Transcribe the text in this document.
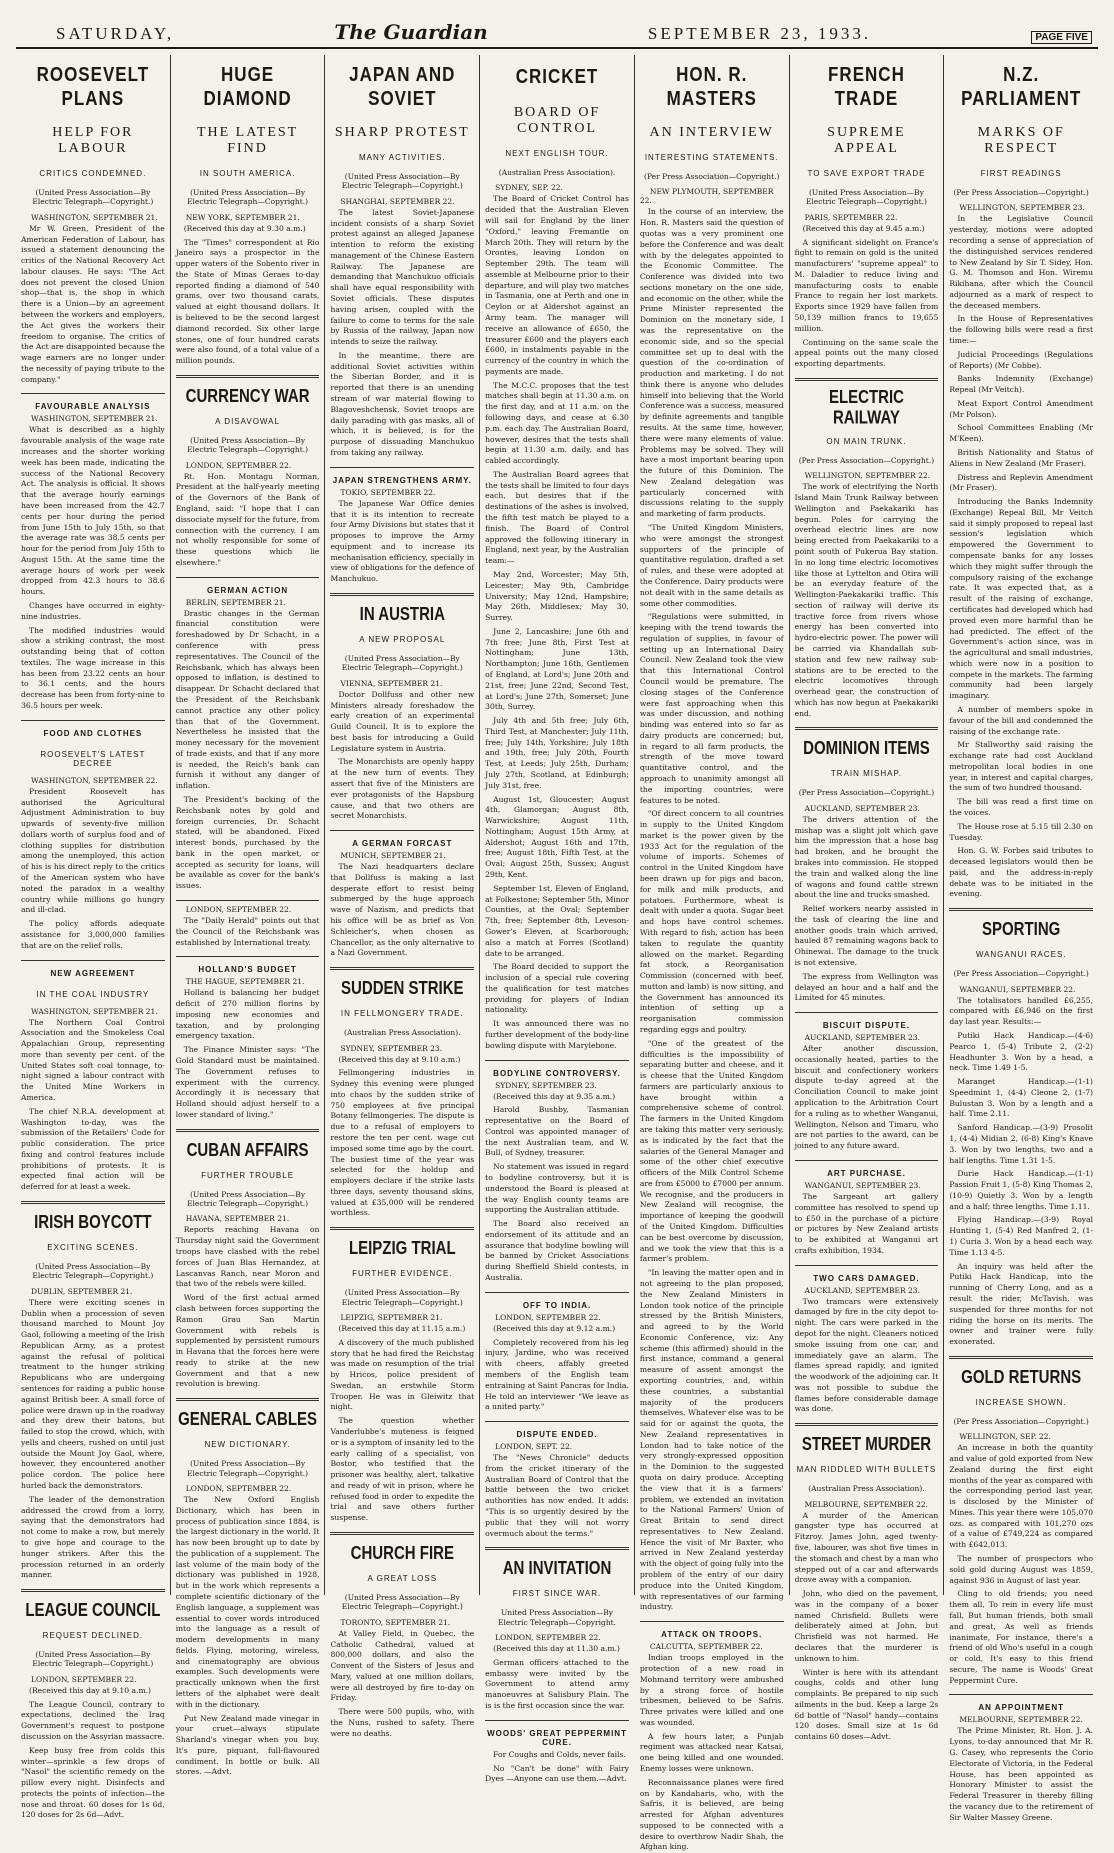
SATURDAY,	The Guardian	SEPTEMBER 23, 1933.	PAGE FIVE
ROOSEVELT PLANS
HELP FOR LABOUR
CRITICS CONDEMNED.
(United Press Association—By Electric Telegraph—Copyright.)
WASHINGTON, SEPTEMBER 21.

Mr W. Green, President of the American Federation of Labour, has issued a statement denouncing the critics of the National Recovery Act labour clauses. He says: "The Act does not prevent the closed Union shop—that is, the shop in which there is a Union—by an agreement between the workers and employers, the Act gives the workers their freedom to organise. The critics of the Act are disappointed because the wage earners are no longer under the necessity of paying tribute to the company."

FAVOURABLE ANALYSIS
WASHINGTON, SEPTEMBER 21.

What is described as a highly favourable analysis of the wage rate increases and the shorter working week has been made, indicating the success of the National Recovery Act. The analysis is official. It shows that the average hourly earnings have been increased from the 42.7 cents per hour during the period from June 15th to July 15th, so that the average rate was 38.5 cents per hour for the period from July 15th to August 15th. At the same time the average hours of work per week dropped from 42.3 hours to 38.6 hours.

Changes have occurred in eighty-nine industries.

The modified industries would show a striking contrast, the most outstanding being that of cotton textiles. The wage increase in this has been from 23.22 cents an hour to 36.1 cents, and the hours decrease has been from forty-nine to 36.5 hours per week.

FOOD AND CLOTHES
ROOSEVELT'S LATEST DECREE
WASHINGTON, SEPTEMBER 22.

President Roosevelt has authorised the Agricultural Adjustment Administration to buy upwards of seventy-five million dollars worth of surplus food and of clothing supplies for distribution among the unemployed, this action of his is his direct reply to the critics of the American system who have noted the paradox in a wealthy country while millions go hungry and ill-clad.

The policy affords adequate assistance for 3,000,000 families that are on the relief rolls.

NEW AGREEMENT
IN THE COAL INDUSTRY
WASHINGTON, SEPTEMBER 21.

The Northern Coal Control Association and the Smokeless Coal Appalachian Group, representing more than seventy per cent. of the United States soft coal tonnage, to-night signed a labour contract with the United Mine Workers in America.

The chief N.R.A. development at Washington to-day, was the submission of the Retailers' Code for public consideration. The price fixing and control features include prohibitions of protests. It is expected final action will be deferred for at least a week.

IRISH BOYCOTT
EXCITING SCENES.
(United Press Association—By Electric Telegraph—Copyright.)
DUBLIN, SEPTEMBER 21.

There were exciting scenes in Dublin when a procession of seven thousand marched to Mount Joy Gaol, following a meeting of the Irish Republican Army, as a protest against the refusal of political treatment to the hunger striking Republicans who are undergoing sentences for raiding a public house against British beer. A small force of police were drawn up in the roadway and they drew their batons, but failed to stop the crowd, which, with yells and cheers, rushed on until just outside the Mount Joy Gaol, where, however, they encountered another police cordon. The police here hurled back the demonstrators.

The leader of the demonstration addressed the crowd from a lorry, saying that the demonstrators had not come to make a row, but merely to give hope and courage to the hunger strikers. After this the procession returned in an orderly manner.

LEAGUE COUNCIL
REQUEST DECLINED.
(United Press Association—By Electric Telegraph—Copyright.)
LONDON, SEPTEMBER 22.

(Received this day at 9.10 a.m.)

The League Council, contrary to expectations, declined the Iraq Government's request to postpone discussion on the Assyrian massacre.

Keep busy free from colds this winter—sprinkle a few drops of "Nasol" the scientific remedy on the pillow every night. Disinfects and protects the points of infection—the nose and throat. 60 doses for 1s 6d, 120 doses for 2s 6d—Advt.

HUGE DIAMOND
THE LATEST FIND
IN SOUTH AMERICA.
(United Press Association—By Electric Telegraph—Copyright.)
NEW YORK, SEPTEMBER 21.

(Received this day at 9.30 a.m.)

The "Times" correspondent at Rio Janeiro says a prospector in the upper waters of the Sobento river in the State of Minas Geraes to-day reported finding a diamond of 540 grams, over two thousand carats, valued at eight thousand dollars. It is believed to be the second largest diamond recorded. Six other large stones, one of four hundred carats were also found, of a total value of a million pounds.

CURRENCY WAR
A DISAVOWAL
(United Press Association—By Electric Telegraph—Copyright.)
LONDON, SEPTEMBER 22.

Rt. Hon. Montagu Norman, President at the half-yearly meeting of the Governors of the Bank of England, said: "I hope that I can dissociate myself for the future, from connection with the currency. I am not wholly responsible for some of these questions which lie elsewhere."

GERMAN ACTION
BERLIN, SEPTEMBER 21.

Drastic changes in the German financial constitution were foreshadowed by Dr Schacht, in a conference with press representatives. The Council of the Reichsbank, which has always been opposed to inflation, is destined to disappear. Dr Schacht declared that the President of the Reichsbank cannot practice any other policy than that of the Government. Nevertheless he insisted that the money necessary for the movement of trade exists, and that if any more is needed, the Reich's bank can furnish it without any danger of inflation.

The President's backing of the Reichsbank notes by gold and foreign currencies, Dr. Schacht stated, will be abandoned. Fixed interest bonds, purchased by the bank in the open market, or accepted as security for loans, will be available as cover for the bank's issues.

LONDON, SEPTEMBER 22.

The "Daily Herald" points out that the Council of the Reichsbank was established by International treaty.

HOLLAND'S BUDGET
THE HAGUE, SEPTEMBER 21.

Holland is balancing her budget deficit of 270 million florins by imposing new economies and taxation, and by prolonging emergency taxation.

The Finance Minister says: "The Gold Standard must be maintained. The Government refuses to experiment with the currency. Accordingly it is necessary that Holland should adjust herself to a lower standard of living."

CUBAN AFFAIRS
FURTHER TROUBLE
(United Press Association—By Electric Telegraph—Copyright.)
HAVANA, SEPTEMBER 21.

Reports reaching Havana on Thursday night said the Government troops have clashed with the rebel forces of Juan Blas Hernandez, at Lascanvas Ranch, near Moron and that two of the rebels were killed.

Word of the first actual armed clash between forces supporting the Ramon Grau San Martin Government with rebels is supplemented by persistent rumours in Havana that the forces here were ready to strike at the new Government and that a new revolution is brewing.

GENERAL CABLES
NEW DICTIONARY.
(United Press Association—By Electric Telegraph—Copyright.)
LONDON, SEPTEMBER 22.

The New Oxford English Dictionary, which has been in process of publication since 1884, is the largest dictionary in the world. It has now been brought up to date by the publication of a supplement. The last volume of the main body of the dictionary was published in 1928, but in the work which represents a complete scientific dictionary of the English language, a supplement was essential to cover words introduced into the language as a result of modern developments in many fields. Flying, motoring, wireless, and cinematography are obvious examples. Such developments were practically unknown when the first letters of the alphabet were dealt with in the dictionary.

Put New Zealand made vinegar in your cruet—always stipulate Sharland's vinegar when you buy. It's pure, piquant, full-flavoured condiment. In bottle or bulk. All stores. —Advt.

JAPAN AND SOVIET
SHARP PROTEST
MANY ACTIVITIES.
(United Press Association—By Electric Telegraph—Copyright.)
SHANGHAI, SEPTEMBER 22.

The latest Soviet-Japanese incident consists of a sharp Soviet protest against an alleged Japanese intention to reform the existing management of the Chinese Eastern Railway. The Japanese are demanding that Manchukuo officials shall have equal responsibility with Soviet officials. These disputes having arisen, coupled with the failure to come to terms for the sale by Russia of the railway, Japan now intends to seize the railway.

In the meantime, there are additional Soviet activities within the Siberian Border, and it is reported that there is an unending stream of war material flowing to Blagoveshchensk. Soviet troops are daily parading with gas masks, all of which, it is believed, is for the purpose of dissuading Manchukuo from taking any railway.

JAPAN STRENGTHENS ARMY.
TOKIO, SEPTEMBER 22.

The Japanese War Office denies that it is its intention to recreate four Army Divisions but states that it proposes to improve the Army equipment and to increase its mechanisation efficiency, specially in view of obligations for the defence of Manchukuo.

IN AUSTRIA
A NEW PROPOSAL
(United Press Association—By Electric Telegraph—Copyright.)
VIENNA, SEPTEMBER 21.

Doctor Dollfuss and other new Ministers already foreshadow the early creation of an experimental Guild Council. It is to explore the best basis for introducing a Guild Legislature system in Austria.

The Monarchists are openly happy at the new turn of events. They assert that five of the Ministers are ever protagonists of the Hapsburg cause, and that two others are secret Monarchists.

A GERMAN FORCAST
MUNICH, SEPTEMBER 21.

The Nazi headquarters declare that Dollfuss is making a last desperate effort to resist being submerged by the huge approach wave of Nazism, and predicts that his office will be as brief as Von Schleicher's, when chosen as Chancellor, as the only alternative to a Nazi Government.

SUDDEN STRIKE
IN FELLMONGERY TRADE.
(Australian Press Association).
SYDNEY, SEPTEMBER 23.

(Received this day at 9.10 a.m.)

Fellmongering industries in Sydney this evening were plunged into chaos by the sudden strike of 750 employees at five principal Botany fellmongeries. The dispute is due to a refusal of employers to restore the ten per cent. wage cut imposed some time ago by the court. The busiest time of the year was selected for the holdup and employers declare if the strike lasts three days, seventy thousand skins, valued at £35,000 will be rendered worthless.

LEIPZIG TRIAL
FURTHER EVIDENCE.
(United Press Association—By Electric Telegraph—Copyright.)
LEIPZIG, SEPTEMBER 21.

(Received this day at 11.15 a.m.)

A discovery of the much published story that he had fired the Reichstag was made on resumption of the trial by Hricos, police president of Swedan, an erstwhile Storm Trooper. He was in Gleiwitz that night.

The question whether Vanderlubbe's muteness is feigned or is a symptom of insanity led to the early calling of a specialist, von Bostor, who testified that the prisoner was healthy, alert, talkative and ready of wit in prison, where he refused food in order to expedite the trial and save others further suspense.

CHURCH FIRE
A GREAT LOSS
(United Press Association—By Electric Telegraph—Copyright.)
TORONTO, SEPTEMBER 21.

At Valley Field, in Quebec, the Catholic Cathedral, valued at 800,000 dollars, and also the Convent of the Sisters of Jesus and Mary, valued at one million dollars, were all destroyed by fire to-day on Friday.

There were 500 pupils, who, with the Nuns, rushed to safety. There were no deaths.

CRICKET
BOARD OF CONTROL
NEXT ENGLISH TOUR.
(Australian Press Association).
SYDNEY, SEP. 22.

The Board of Cricket Control has decided that the Australian Eleven will sail for England by the liner "Oxford," leaving Fremantle on March 20th. They will return by the Orontes, leaving London on September 29th. The team will assemble at Melbourne prior to their departure, and will play two matches in Tasmania, one at Perth and one in Ceylon or at Aldershot against an Army team. The manager will receive an allowance of £650, the treasurer £600 and the players each £600, in instalments payable in the currency of the country in which the payments are made.

The M.C.C. proposes that the test matches shall begin at 11.30 a.m. on the first day, and at 11 a.m. on the following days, and cease at 6.30 p.m. each day. The Australian Board, however, desires that the tests shall begin at 11.30 a.m. daily, and has cabled accordingly.

The Australian Board agrees that the tests shall be limited to four days each, but desires that if the destinations of the ashes is involved, the fifth test match be played to a finish. The Board of Control approved the following itinerary in England, next year, by the Australian team:—

May 2nd, Worcester; May 5th, Leicester; May 9th, Cambridge University; May 12nd, Hampshire; May 26th, Middlesex; May 30, Surrey.

June 2, Lancashire; June 6th and 7th free; June 8th, First Test at Nottingham; June 13th, Northampton; June 16th, Gentlemen of England, at Lord's; June 20th and 21st, free; June 22nd, Second Test, at Lord's; June 27th, Somerset; June 30th, Surrey.

July 4th and 5th free; July 6th, Third Test, at Manchester; July 11th, free; July 14th, Yorkshire; July 18th and 19th, free; July 20th, Fourth Test, at Leeds; July 25th, Durham; July 27th, Scotland, at Edinburgh; July 31st, free.

August 1st, Gloucester; August 4th, Glamorgan; August 8th, Warwickshire; August 11th, Nottingham; August 15th Army, at Aldershot; August 16th and 17th, free; August 18th, Fifth Test, at the Oval; August 25th, Sussex; August 29th, Kent.

September 1st, Eleven of England, at Folkestone; September 5th, Minor Counties, at the Oval; September 7th, free; September 8th, Leveson-Gower's Eleven, at Scarborough; also a match at Forres (Scotland) date to be arranged.

The Board decided to support the inclusion of a special rule covering the qualification for test matches providing for players of Indian nationality.

It was announced there was no further development of the body-line bowling dispute with Marylebone.

BODYLINE CONTROVERSY.
SYDNEY, SEPTEMBER 23.

(Received this day at 9.35 a.m.)

Harold Bushby, Tasmanian representative on the Board of Control was appointed manager of the next Australian team, and W. Bull, of Sydney, treasurer.

No statement was issued in regard to bodyline controversy, but it is understood the Board is pleased at the way English county teams are supporting the Australian attitude.

The Board also received an endorsement of its attitude and an assurance that bodyline bowling will be banned by Cricket Associations during Sheffield Shield contests, in Australia.

OFF TO INDIA.
LONDON, SEPTEMBER 22.

(Received this day at 9.12 a.m.)

Completely recovered from his leg injury, Jardine, who was received with cheers, affably greeted members of the English team entraining at Saint Pancras for India. He told an interviewer "We leave as a united party."

DISPUTE ENDED.
LONDON, SEPT. 22.

The "News Chronicle" deducts from the cricket itinerary of the Australian Board of Control that the battle between the two cricket authorities has now ended. It adds: "This is so urgently desired by the public that they will not worry overmuch about the terms."

AN INVITATION
FIRST SINCE WAR.
United Press Association—By Electric Telegraph—Copyright.
LONDON, SEPTEMBER 22.

(Received this day at 11.30 a.m.)

German officers attached to the embassy were invited by the Government to attend army manoeuvres at Salisbury Plain. The is is the first occasion since the war.

WOODS' GREAT PEPPERMINT CURE.

For Coughs and Colds, never fails.

No "Can't be done" with Fairy Dyes —Anyone can use them.—Advt.

HON. R. MASTERS
AN INTERVIEW
INTERESTING STATEMENTS.
(Per Press Association—Copyright.)
NEW PLYMOUTH, SEPTEMBER 22.

In the course of an interview, the Hon. R. Masters said the question of quotas was a very prominent one before the Conference and was dealt with by the delegates appointed to the Economic Committee. The Conference was divided into two sections monetary on the one side, and economic on the other, while the Prime Minister represented the Dominion on the monetary side, I was the representative on the economic side, and so the special committee set up to deal with the question of the co-ordination of production and marketing. I do not think there is anyone who deludes himself into believing that the World Conference was a success, measured by definite agreements and tangible results. At the same time, however, there were many elements of value. Problems may be solved. They will have a most important bearing upon the future of this Dominion. The New Zealand delegation was particularly concerned with discussions relating to the supply and marketing of farm products.

"The United Kingdom Ministers, who were amongst the strongest supporters of the principle of quantitative regulation, drafted a set of rules, and these were adopted at the Conference. Dairy products were not dealt with in the same details as some other commodities.

"Regulations were submitted, in keeping with the trend towards the regulation of supplies, in favour of setting up an International Dairy Council. New Zealand took the view that this International Control Council would be premature. The closing stages of the Conference were fast approaching when this was under discussion, and nothing binding was entered into so far as dairy products are concerned; but, in regard to all farm products, the strength of the move toward quantitative control, and the approach to unanimity amongst all the importing countries, were features to be noted.

"Of direct concern to all countries in supply to the United Kingdom market is the power given by the 1933 Act for the regulation of the volume of imports. Schemes of control in the United Kingdom have been drawn up for pigs and bacon, for milk and milk products, and potatoes. Furthermore, wheat is dealt with under a quota. Sugar beet and hops have control schemes. With regard to fish, action has been taken to regulate the quantity allowed on the market. Regarding fat stock, a Reorganisation Commission (concerned with beef, mutton and lamb) is now sitting, and the Government has announced its intention of setting up a reorganisation commission regarding eggs and poultry.

"One of the greatest of the difficulties is the impossibility of separating butter and cheese, and it is cheese that the United Kingdom farmers are particularly anxious to have brought within a comprehensive scheme of control. The farmers in the United Kingdom are taking this matter very seriously, as is indicated by the fact that the salaries of the General Manager and some of the other chief executive officers of the Milk Control Scheme are from £5000 to £7000 per annum. We recognise, and the producers in New Zealand will recognise, the importance of keeping the goodwill of the United Kingdom. Difficulties can be best overcome by discussion, and we took the view that this is a farmer's problem.

"In leaving the matter open and in not agreeing to the plan proposed, the New Zealand Ministers in London took notice of the principle stressed by the British Ministers, and agreed to by the World Economic Conference, viz: Any scheme (this affirmed) should in the first instance, command a general measure of assent amongst the exporting countries, and, within these countries, a substantial majority of the producers themselves. Whatever else was to be said for or against the quota, the New Zealand representatives in London had to take notice of the very strongly-expressed opposition in the Dominion to the suggested quota on dairy produce. Accepting the view that it is a farmers' problem, we extended an invitation to the National Farmers' Union of Great Britain to send direct representatives to New Zealand. Hence the visit of Mr Baxter, who arrived in New Zealand yesterday with the object of going fully into the problem of the entry of our dairy produce into the United Kingdom, with representatives of our farming industry.

ATTACK ON TROOPS.
CALCUTTA, SEPTEMBER 22.

Indian troops employed in the protection of a new road in Mohmand territory were ambushed by a strong force of hostile tribesmen, believed to be Safris. Three privates were killed and one was wounded.

A few hours later, a Punjab regiment was attacked near Katsai, one being killed and one wounded. Enemy losses were unknown.

Reconnaissance planes were fired on by Kandaharis, who, with the Safris, it is believed, are being arrested for Afghan adventures supposed to be connected with a desire to overthrow Nadir Shah, the Afghan king.

FRENCH TRADE
SUPREME APPEAL
TO SAVE EXPORT TRADE
(United Press Association—By Electric Telegraph—Copyright.)
PARIS, SEPTEMBER 22.

(Received this day at 9.45 a.m.)

A significant sidelight on France's fight to remain on gold is the united manufacturers' "supreme appeal" to M. Daladier to reduce living and manufacturing costs to enable France to regain her lost markets. Exports since 1929 have fallen from 50,139 million francs to 19,655 million.

Continuing on the same scale the appeal points out the many closed exporting departments.

ELECTRIC RAILWAY
ON MAIN TRUNK.
(Per Press Association—Copyright.)
WELLINGTON, SEPTEMBER 22.

The work of electrifying the North Island Main Trunk Railway between Wellington and Paekakariki has begun. Poles for carrying the overhead electric lines are now being erected from Paekakariki to a point south of Pukerua Bay station. In no long time electric locomotives like those at Lyttelton and Otira will be an everyday feature of the Wellington-Paekakariki traffic. This section of railway will derive its tractive force from rivers whose energy has been converted into hydro-electric power. The power will be carried via Khandallah sub-station and few new railway sub-stations are to be erected to the electric locomotives through overhead gear, the construction of which has now begun at Paekakariki end.

DOMINION ITEMS
TRAIN MISHAP.
(Per Press Association—Copyright.)
AUCKLAND, SEPTEMBER 23.

The drivers attention of the mishap was a slight jolt which gave him the impression that a hose bag had broken, and he brought the brakes into commission. He stopped the train and walked along the line of wagons and found cattle strewn about the line and trucks smashed.

Relief workers nearby assisted in the task of clearing the line and another goods train which arrived, hauled 87 remaining wagons back to Ohinewai. The damage to the truck is not extensive.

The express from Wellington was delayed an hour and a half and the Limited for 45 minutes.

BISCUIT DISPUTE.
AUCKLAND, SEPTEMBER 23.

After another discussion, occasionally heated, parties to the biscuit and confectionery workers dispute to-day agreed at the Conciliation Council to make joint application to the Arbitration Court for a ruling as to whether Wanganui, Wellington, Nelson and Timaru, who are not parties to the award, can be joined to any future award.

ART PURCHASE.
WANGANUI, SEPTEMBER 23.

The Sargeant art gallery committee has resolved to spend up to £50 in the purchase of a picture or pictures by New Zealand artists to be exhibited at Wanganui art crafts exhibition, 1934.

TWO CARS DAMAGED.
AUCKLAND, SEPTEMBER 23.

Two tramcars were extensively damaged by fire in the city depot to-night. The cars were parked in the depot for the night. Cleaners noticed smoke issuing from one car, and immediately gave an alarm. The flames spread rapidly, and ignited the woodwork of the adjoining car. It was not possible to subdue the flames before considerable damage was done.

STREET MURDER
MAN RIDDLED WITH BULLETS
(Australian Press Association).
MELBOURNE, SEPTEMBER 22.

A murder of the American gangster type has occurred at Fitzroy. James John, aged twenty-five, labourer, was shot five times in the stomach and chest by a man who stepped out of a car and afterwards drove away with a companion.

John, who died on the pavement, was in the company of a boxer named Chrisfield. Bullets were deliberately aimed at John, but Chrisfield was not harmed. He declares that the murderer is unknown to him.

Winter is here with its attendant coughs, colds and other lung complaints. Be prepared to nip such ailments in the bud. Keep a large 2s 6d bottle of "Nasol" handy—contains 120 doses. Small size at 1s 6d contains 60 doses—Advt.

N.Z. PARLIAMENT
MARKS OF RESPECT
FIRST READINGS
(Per Press Association—Copyright.)
WELLINGTON, SEPTEMBER 23.

In the Legislative Council yesterday, motions were adopted recording a sense of appreciation of the distinguished services rendered to New Zealand by Sir T. Sidey, Hon. G. M. Thomson and Hon. Wiremu Rikihana, after which the Council adjourned as a mark of respect to the deceased members.

In the House of Representatives the following bills were read a first time:—

Judicial Proceedings (Regulations of Reports) (Mr Cobbe).

Banks Indemnity (Exchange) Repeal (Mr Veitch).

Meat Export Control Amendment (Mr Polson).

School Committees Enabling (Mr M'Keen).

British Nationality and Status of Aliens in New Zealand (Mr Fraser).

Distress and Replevin Amendment (Mr Fraser).

Introducing the Banks Indemnity (Exchange) Repeal Bill, Mr Veitch said it simply proposed to repeal last session's legislation which empowered the Government to compensate banks for any losses which they might suffer through the compulsory raising of the exchange rate. It was expected that, as a result of the raising of exchange, certificates had developed which had proved even more harmful than he had predicted. The effect of the Government's action since, was in the agricultural and small industries, which were now in a position to compete in the markets. The farming community had been largely imaginary.

A number of members spoke in favour of the bill and condemned the raising of the exchange rate.

Mr Stallworthy said raising the exchange rate had cost Auckland metropolitan local bodies in one year, in interest and capital charges, the sum of two hundred thousand.

The bill was read a first time on the voices.

The House rose at 5.15 till 2.30 on Tuesday.

Hon. G. W. Forbes said tributes to deceased legislators would then be paid, and the address-in-reply debate was to be initiated in the evening.

SPORTING
WANGANUI RACES.
(Per Press Association—Copyright.)
WANGANUI, SEPTEMBER 22.

The totalisators handled £6,255, compared with £6,946 on the first day last year. Results:—

Putiki Hack Handicap.—(4-6) Pearco 1, (5-4) Tribute 2, (2-2) Headhunter 3. Won by a head, a neck. Time 1.49 1-5.

Maranget Handicap.—(1-1) Speedmint 1, (4-4) Cleone 2, (1-7) Bulustan 3. Won by a length and a half. Time 2.11.

Sanford Handicap.—(3-9) Prosolit 1, (4-4) Midian 2, (6-8) King's Knave 3. Won by two lengths, two and a half lengths. Time 1.31 1-5.

Durie Hack Handicap.—(1-1) Passion Fruit 1, (5-8) King Thomas 2, (10-9) Quietly 3. Won by a length and a half; three lengths. Time 1.11.

Flying Handicap.—(3-9) Royal Hunting 1, (5-4) Red Manfred 2, (1-1) Curia 3. Won by a head each way. Time 1.13 4-5.

An inquiry was held after the Putiki Hack Handicap, into the running of Cherry Long, and as a result the rider, McTavish, was suspended for three months for not riding the horse on its merits. The owner and trainer were fully exonerated.

GOLD RETURNS
INCREASE SHOWN.
(Per Press Association—Copyright.)
WELLINGTON, SEP. 22.

An increase in both the quantity and value of gold exported from New Zealand during the first eight months of the year as compared with the corresponding period last year, is disclosed by the Minister of Mines. This year there were 105,070 ozs. as compared with 101,270 ozs of a value of £749,224 as compared with £642,013.

The number of prospectors who sold gold during August was 1859, against 936 in August of last year.

Cling to old friends; you need them all, To rein in every life must fall, But human friends, both small and great, As well as friends inanimate, For instance, there's a friend of old Who's useful in a cough or cold, It's easy to this friend secure, The name is Woods' Great Peppermint Cure.

AN APPOINTMENT
MELBOURNE, SEPTEMBER 22.

The Prime Minister, Rt. Hon. J. A. Lyons, to-day announced that Mr R. G. Casey, who represents the Corio Electorate of Victoria, in the Federal House, has been appointed as Honorary Minister to assist the Federal Treasurer in thereby filling the vacancy due to the retirement of Sir Walter Massey Greene.
